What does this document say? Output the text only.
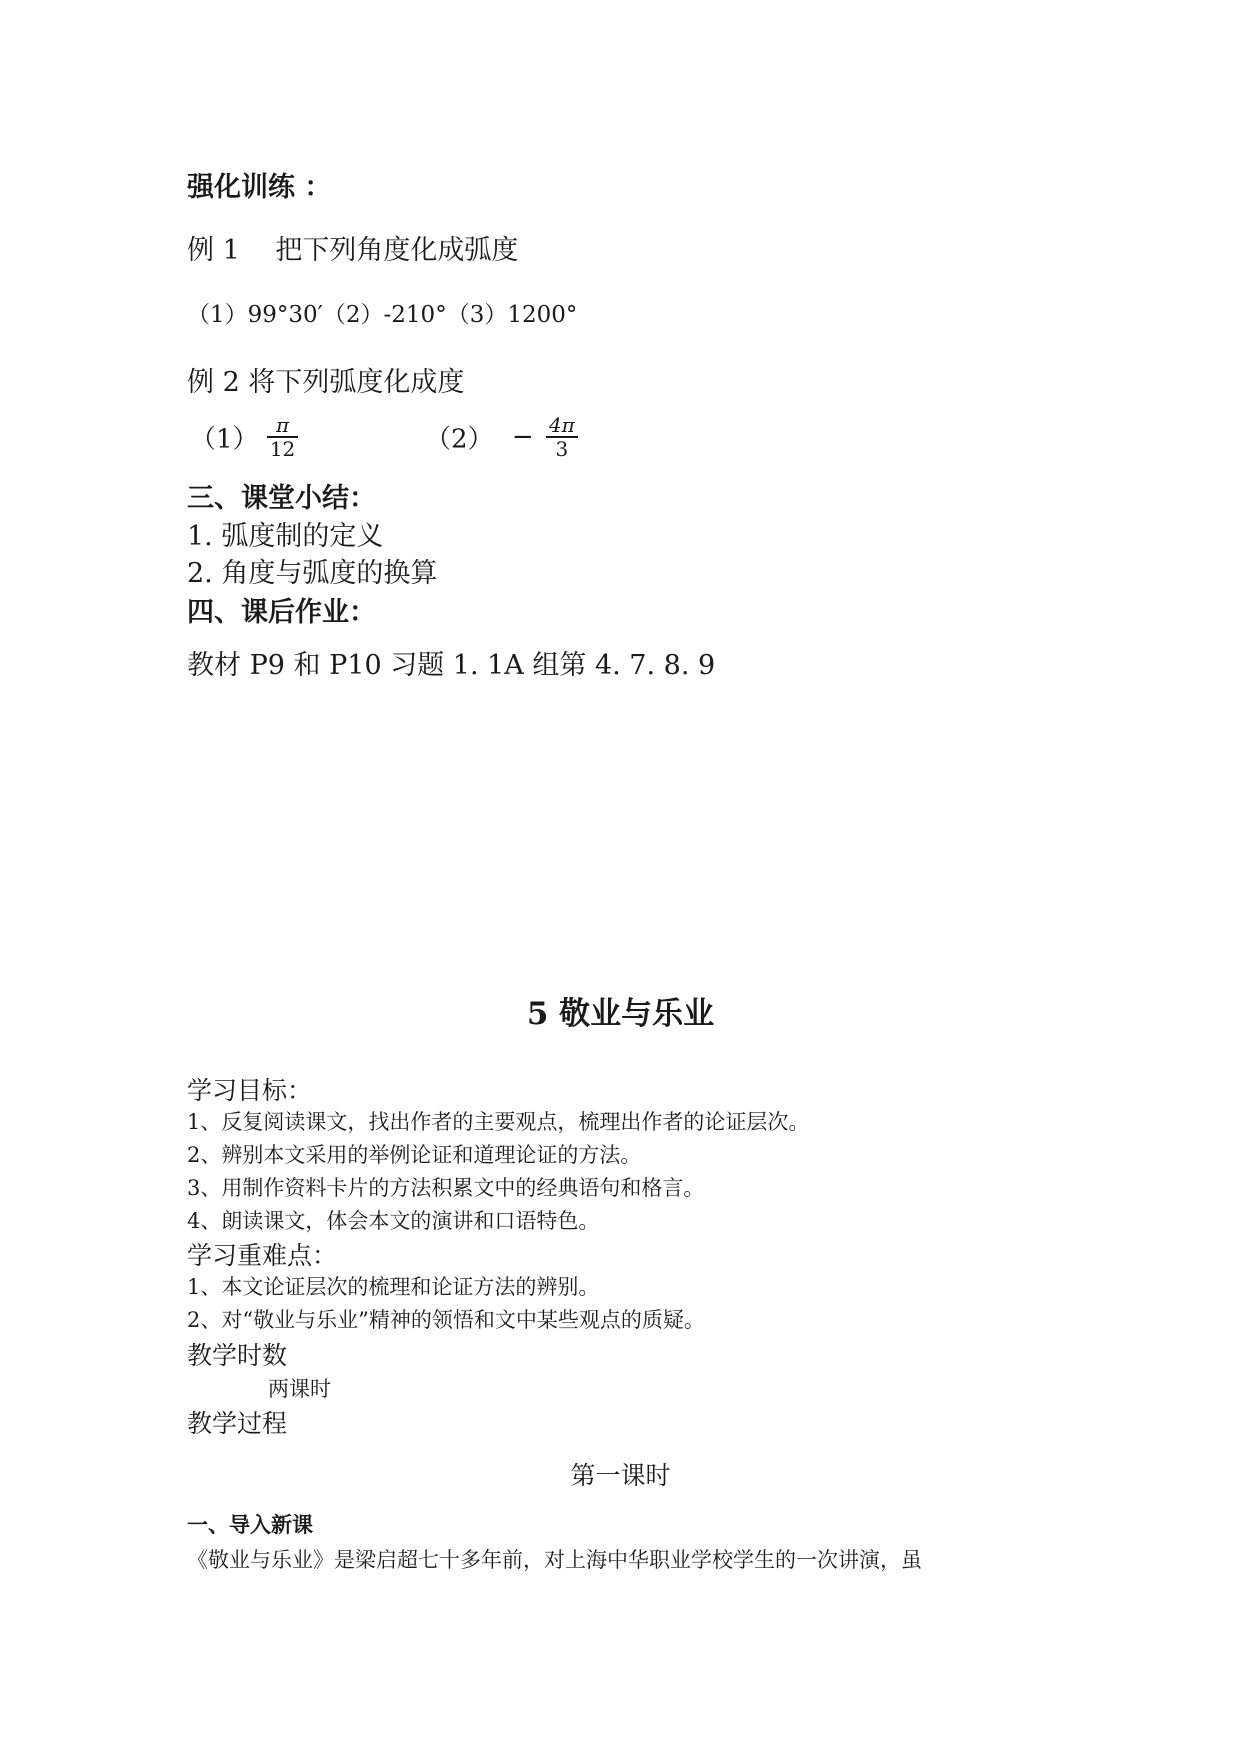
强化训练 ：
例 1　 把下列角度化成弧度
（1）99°30′（2）-210°（3）1200°
例 2 将下列弧度化成度
$(1) \frac{\pi}{12}$	$(2) - \frac{4\pi}{3}$
三、课堂小结：
1. 弧度制的定义
2. 角度与弧度的换算
四、课后作业：
教材 P9 和 P10 习题 1. 1A 组第 4. 7. 8. 9
5 敬业与乐业
学习目标：
1、反复阅读课文，找出作者的主要观点，梳理出作者的论证层次。
2、辨别本文采用的举例论证和道理论证的方法。
3、用制作资料卡片的方法积累文中的经典语句和格言。
4、朗读课文，体会本文的演讲和口语特色。
学习重难点：
1、本文论证层次的梳理和论证方法的辨别。
2、对“敬业与乐业”精神的领悟和文中某些观点的质疑。
教学时数
两课时
教学过程
第一课时
一、导入新课
《敬业与乐业》是梁启超七十多年前，对上海中华职业学校学生的一次讲演，虽
